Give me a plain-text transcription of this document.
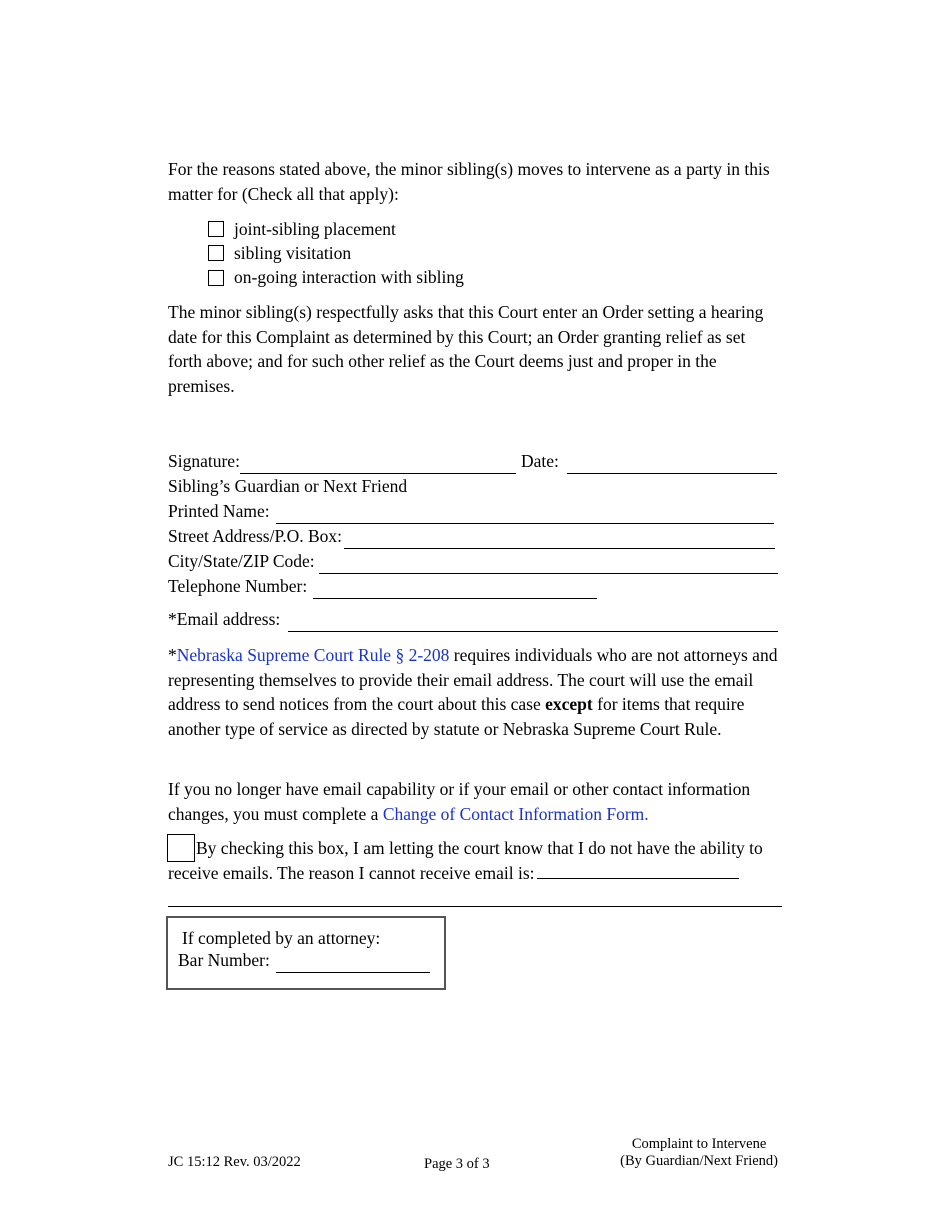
For the reasons stated above, the minor sibling(s) moves to intervene as a party in this matter for (Check all that apply):
joint-sibling placement
sibling visitation
on-going interaction with sibling
The minor sibling(s) respectfully asks that this Court enter an Order setting a hearing date for this Complaint as determined by this Court; an Order granting relief as set forth above; and for such other relief as the Court deems just and proper in the premises.
Signature:	Date:
Sibling’s Guardian or Next Friend
Printed Name:
Street Address/P.O. Box:
City/State/ZIP Code:
Telephone Number:
*Email address:
*Nebraska Supreme Court Rule § 2-208 requires individuals who are not attorneys and representing themselves to provide their email address. The court will use the email address to send notices from the court about this case except for items that require another type of service as directed by statute or Nebraska Supreme Court Rule.
If you no longer have email capability or if your email or other contact information changes, you must complete a Change of Contact Information Form.
By checking this box, I am letting the court know that I do not have the ability to receive emails. The reason I cannot receive email is:
If completed by an attorney:
Bar Number:
JC 15:12 Rev. 03/2022	Page 3 of 3
Complaint to Intervene
(By Guardian/Next Friend)
